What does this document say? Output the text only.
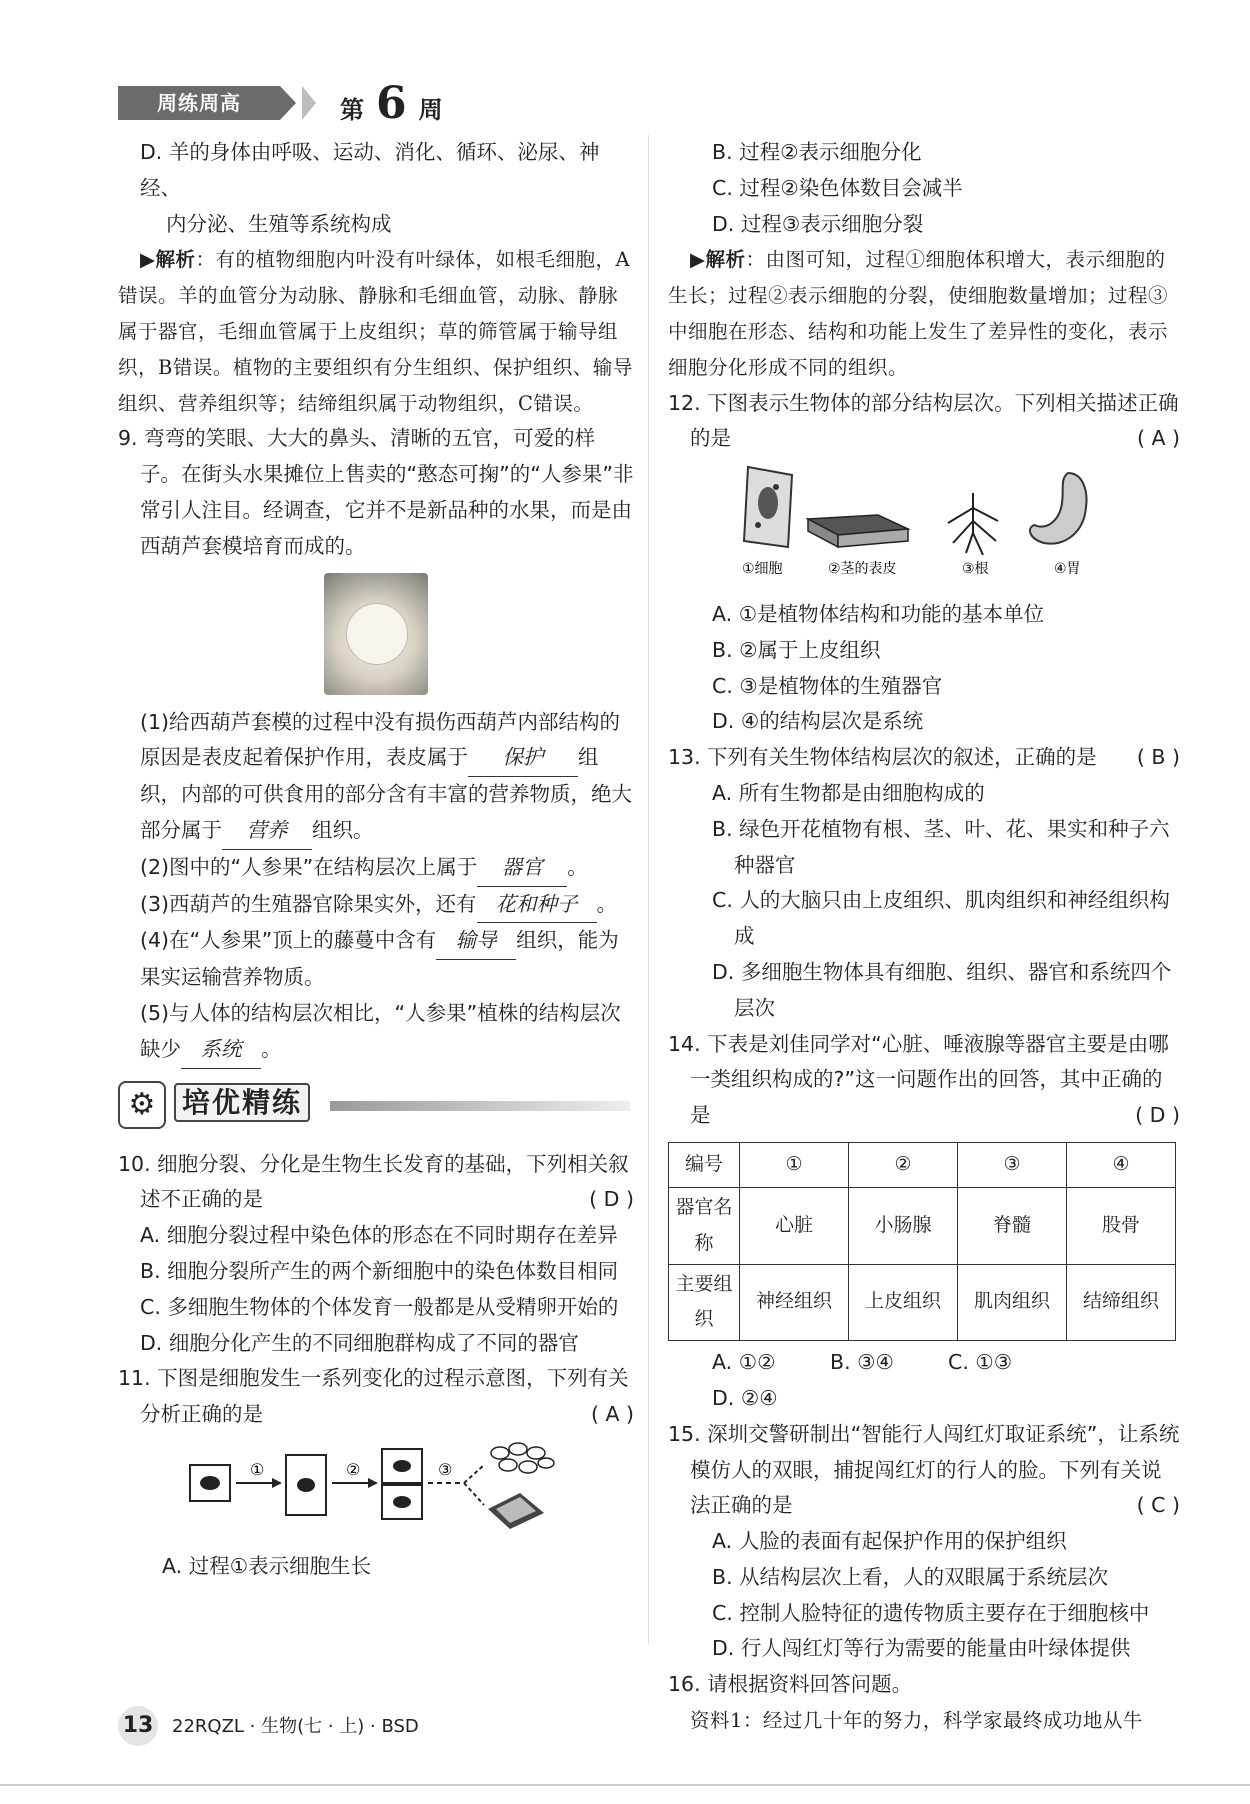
周练周高	第 6 周

D. 羊的身体由呼吸、运动、消化、循环、泌尿、神经、
内分泌、生殖等系统构成

▶解析：有的植物细胞内叶没有叶绿体，如根毛细胞，A错误。羊的血管分为动脉、静脉和毛细血管，动脉、静脉属于器官，毛细血管属于上皮组织；草的筛管属于输导组织，B错误。植物的主要组织有分生组织、保护组织、输导组织、营养组织等；结缔组织属于动物组织，C错误。

9. 弯弯的笑眼、大大的鼻头、清晰的五官，可爱的样子。在街头水果摊位上售卖的“憨态可掬”的“人参果”非常引人注目。经调查，它并不是新品种的水果，而是由西葫芦套模培育而成的。

(1)给西葫芦套模的过程中没有损伤西葫芦内部结构的原因是表皮起着保护作用，表皮属于 保护 组织，内部的可供食用的部分含有丰富的营养物质，绝大部分属于 营养 组织。

(2)图中的“人参果”在结构层次上属于 器官 。

(3)西葫芦的生殖器官除果实外，还有 花和种子 。

(4)在“人参果”顶上的藤蔓中含有 输导 组织，能为果实运输营养物质。

(5)与人体的结构层次相比，“人参果”植株的结构层次缺少 系统 。

⚙ 培优精练

10. 细胞分裂、分化是生物生长发育的基础，下列相关叙述不正确的是	( D )

A. 细胞分裂过程中染色体的形态在不同时期存在差异

B. 细胞分裂所产生的两个新细胞中的染色体数目相同

C. 多细胞生物体的个体发育一般都是从受精卵开始的

D. 细胞分化产生的不同细胞群构成了不同的器官

11. 下图是细胞发生一系列变化的过程示意图，下列有关分析正确的是	( A )

①	②	③

A. 过程①表示细胞生长

B. 过程②表示细胞分化

C. 过程②染色体数目会减半

D. 过程③表示细胞分裂

▶解析：由图可知，过程①细胞体积增大，表示细胞的生长；过程②表示细胞的分裂，使细胞数量增加；过程③中细胞在形态、结构和功能上发生了差异性的变化，表示细胞分化形成不同的组织。

12. 下图表示生物体的部分结构层次。下列相关描述正确的是	( A )

①细胞	②茎的表皮	③根	④胃

A. ①是植物体结构和功能的基本单位

B. ②属于上皮组织

C. ③是植物体的生殖器官

D. ④的结构层次是系统

13. 下列有关生物体结构层次的叙述，正确的是 ( B )

A. 所有生物都是由细胞构成的

B. 绿色开花植物有根、茎、叶、花、果实和种子六种器官

C. 人的大脑只由上皮组织、肌肉组织和神经组织构成

D. 多细胞生物体具有细胞、组织、器官和系统四个层次

14. 下表是刘佳同学对“心脏、唾液腺等器官主要是由哪一类组织构成的?”这一问题作出的回答，其中正确的是	( D )

编号	①	②	③	④
器官名称	心脏	小肠腺	脊髓	股骨
主要组织	神经组织	上皮组织	肌肉组织	结缔组织

A. ①②	B. ③④	C. ①③D. ②④

15. 深圳交警研制出“智能行人闯红灯取证系统”，让系统模仿人的双眼，捕捉闯红灯的行人的脸。下列有关说法正确的是	( C )

A. 人脸的表面有起保护作用的保护组织

B. 从结构层次上看，人的双眼属于系统层次

C. 控制人脸特征的遗传物质主要存在于细胞核中

D. 行人闯红灯等行为需要的能量由叶绿体提供

16. 请根据资料回答问题。

资料1：经过几十年的努力，科学家最终成功地从牛

13 22RQZL · 生物(七 · 上) · BSD
